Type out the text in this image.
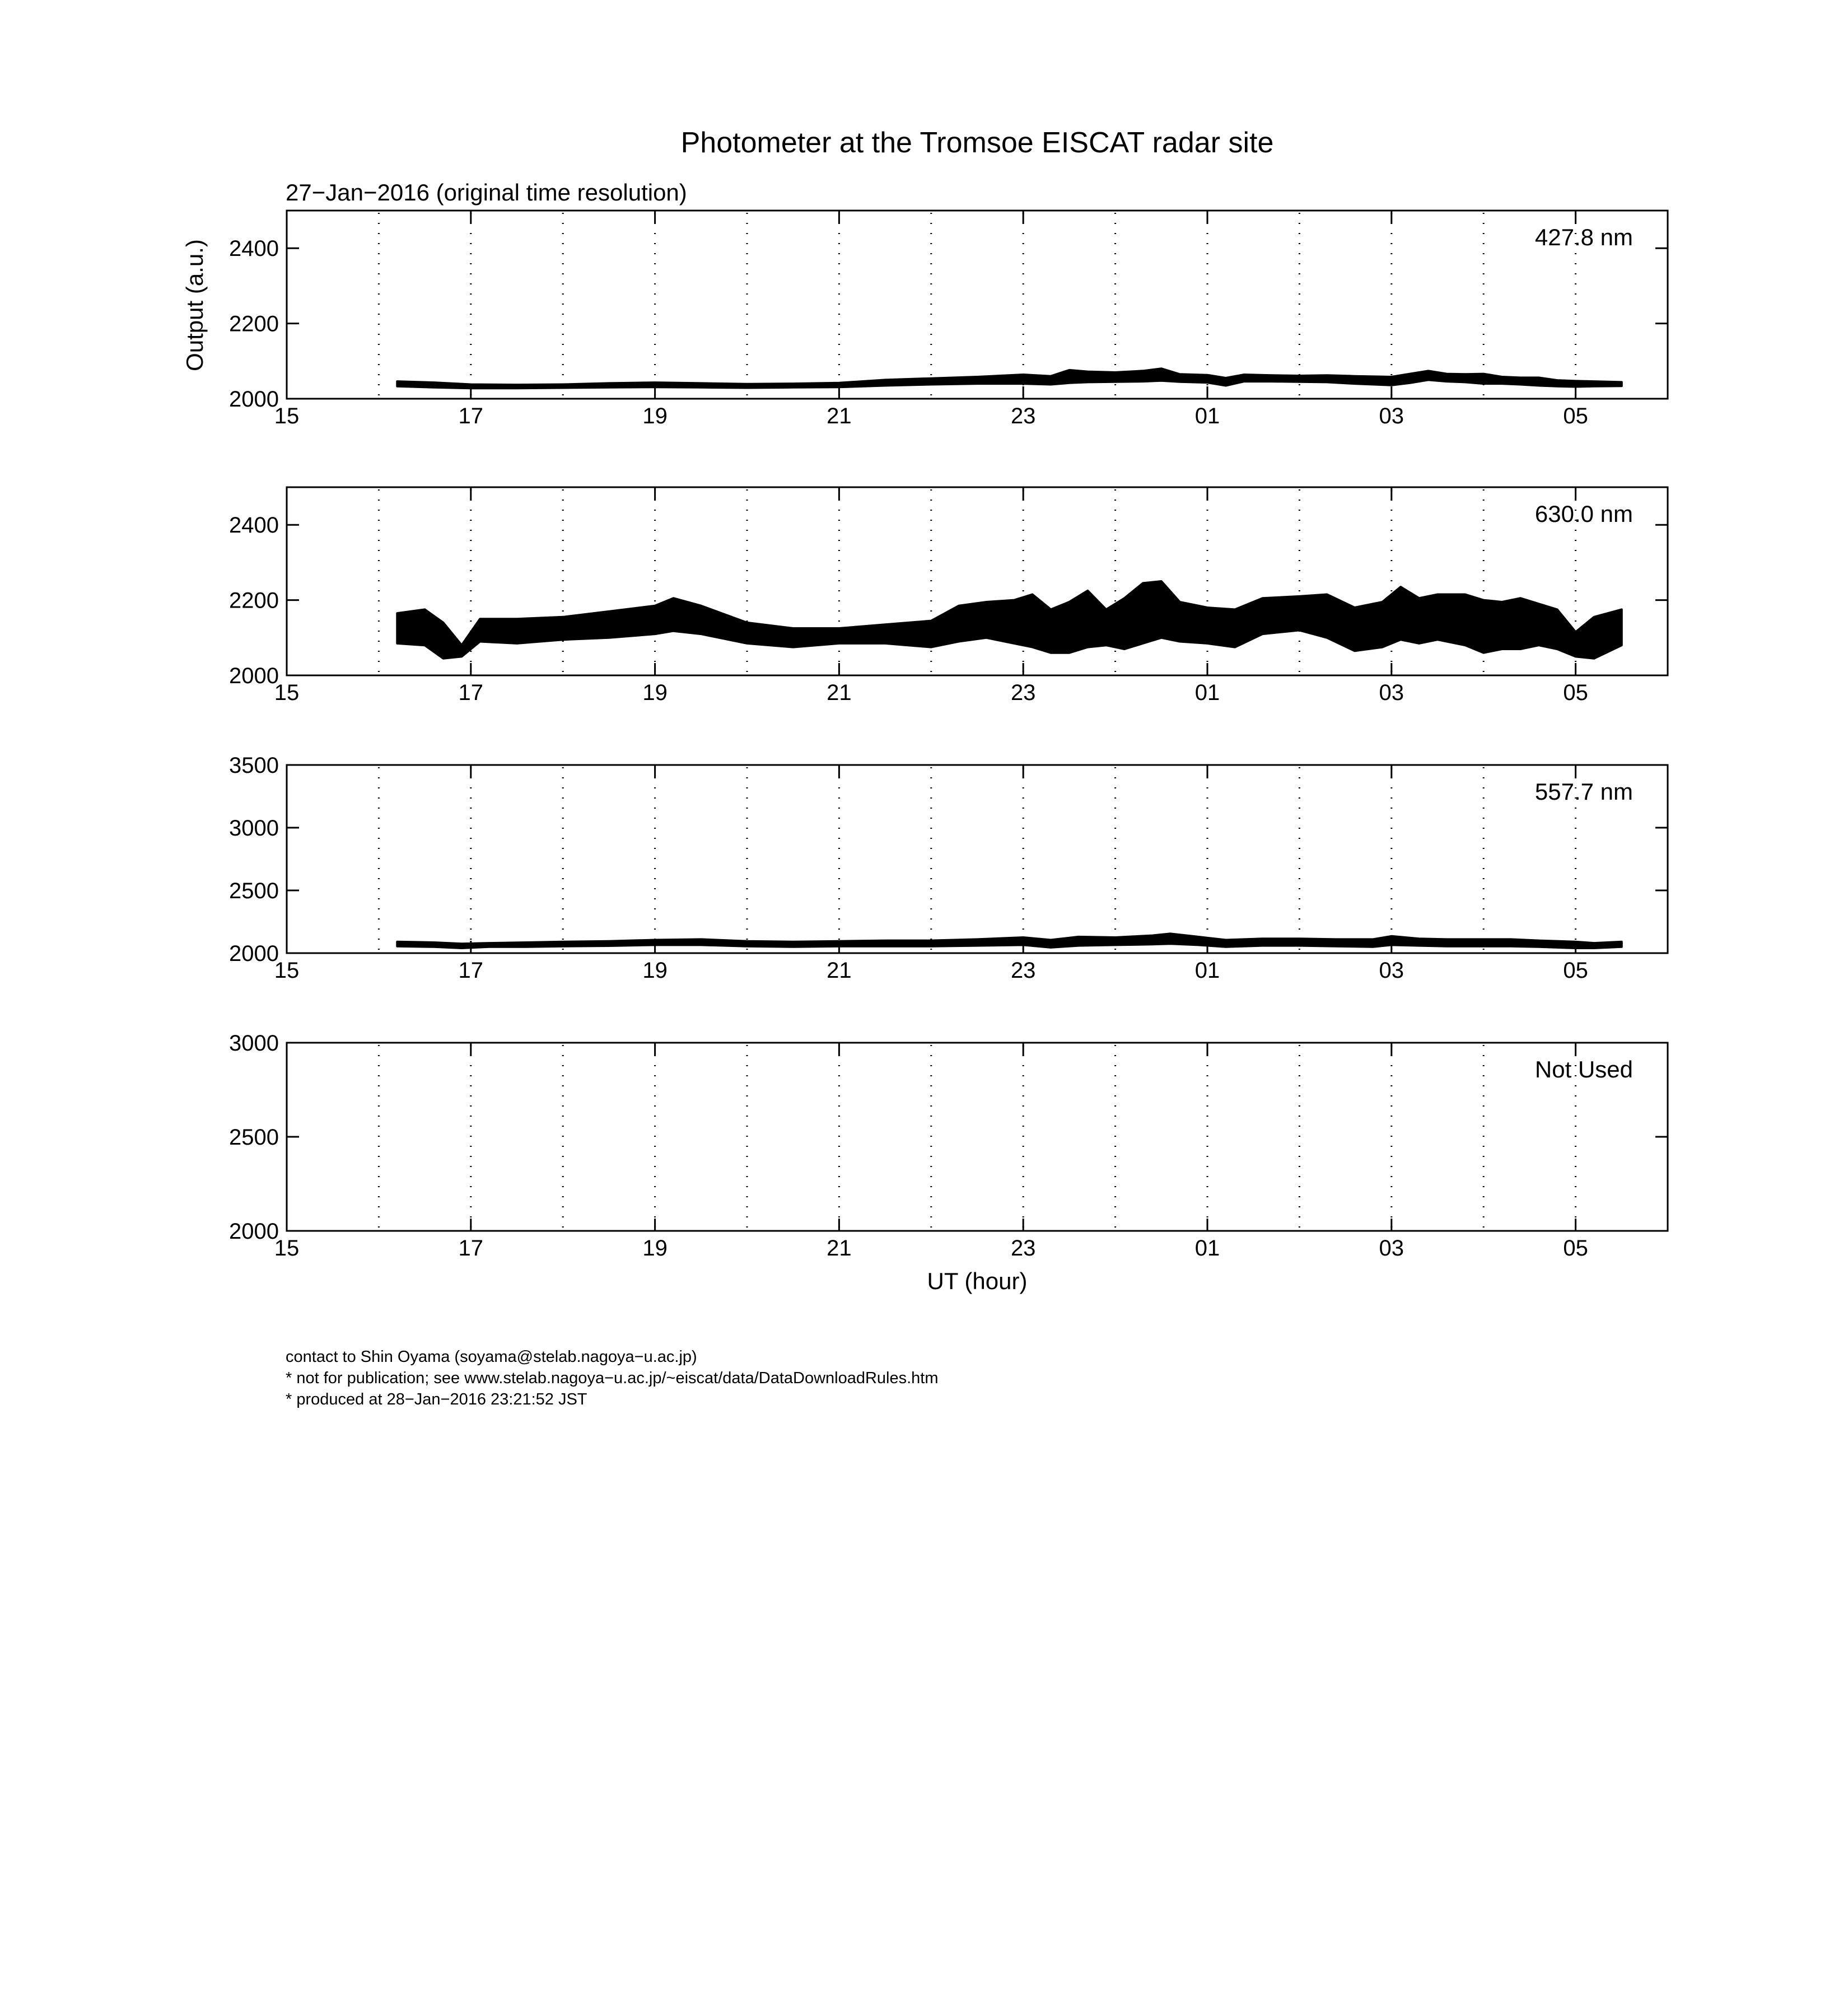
Photometer at the Tromsoe EISCAT radar site
27−Jan−2016 (original time resolution)
Output (a.u.)
UT (hour)
15	17	19	21	23	01	03	05
2000
2200
2400	427.8 nm
15	17	19	21	23	01	03	05
2000
2200
2400	630.0 nm
15	17	19	21	23	01	03	05
2000
2500
3000
3500
557.7 nm
15	17	19	21	23	01	03	05
2000
2500
3000
Not Used
contact to Shin Oyama (soyama@stelab.nagoya−u.ac.jp)
* not for publication; see www.stelab.nagoya−u.ac.jp/~eiscat/data/DataDownloadRules.htm
* produced at 28−Jan−2016 23:21:52 JST
